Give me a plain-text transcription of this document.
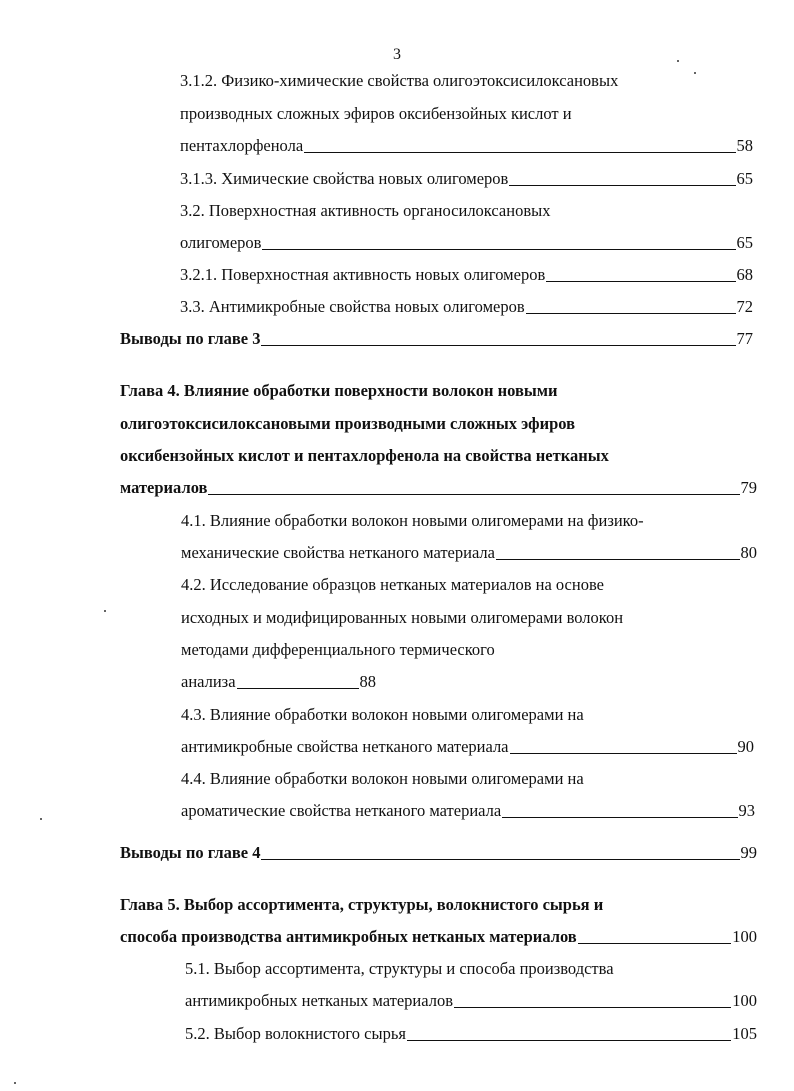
3
3.1.2. Физико-химические свойства олигоэтоксисилоксановых
производных сложных эфиров оксибензойных кислот и
пентахлорфенола	58
3.1.3. Химические свойства новых олигомеров	65
3.2. Поверхностная активность органосилоксановых
олигомеров	65
3.2.1. Поверхностная активность новых олигомеров	68
3.3. Антимикробные свойства новых олигомеров	72
Выводы по главе 3	77
Глава 4. Влияние обработки поверхности волокон новыми
олигоэтоксисилоксановыми производными сложных эфиров
оксибензойных кислот и пентахлорфенола на свойства нетканых
материалов	79
4.1. Влияние обработки волокон новыми олигомерами на физико-
механические свойства нетканого материала	80
4.2. Исследование образцов нетканых материалов на основе
исходных и модифицированных новыми олигомерами волокон
методами дифференциального термического
анализа	88
4.3. Влияние обработки волокон новыми олигомерами на
антимикробные свойства нетканого материала	90
4.4. Влияние обработки волокон новыми олигомерами на
ароматические свойства нетканого материала	93
Выводы по главе 4	99
Глава 5. Выбор ассортимента, структуры, волокнистого сырья и
способа производства антимикробных нетканых материалов	100
5.1. Выбор ассортимента, структуры и способа производства
антимикробных нетканых материалов	100
5.2. Выбор волокнистого сырья	105
